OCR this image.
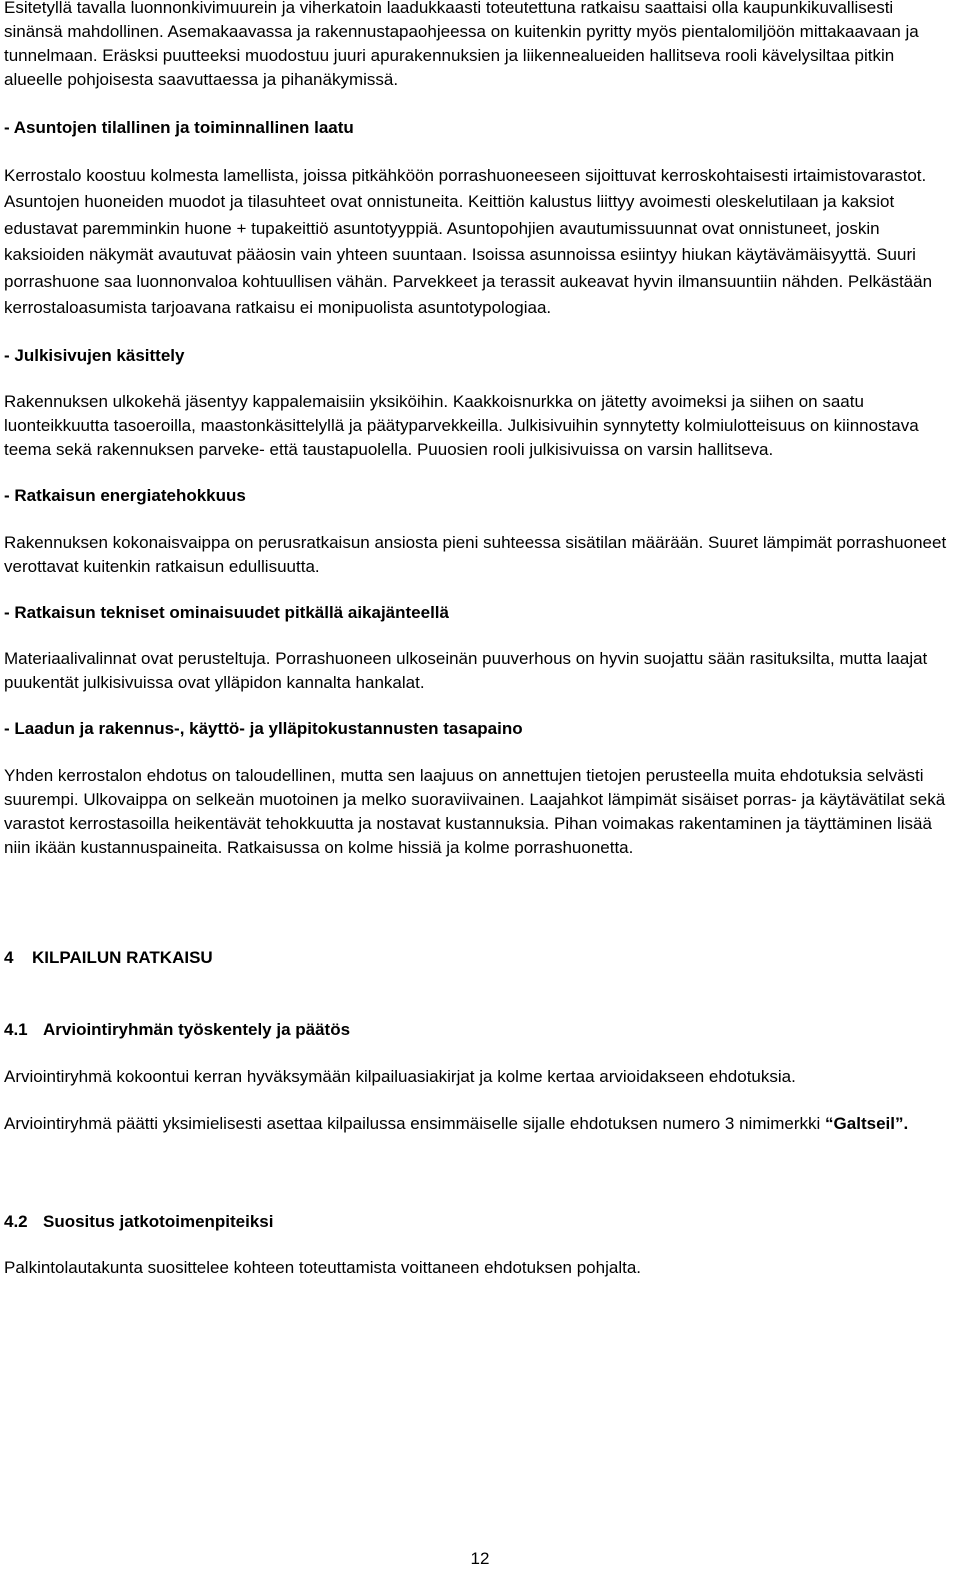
Esitetyllä tavalla luonnonkivimuurein ja viherkatoin laadukkaasti toteutettuna ratkaisu saattaisi olla kaupunkikuvallisesti sinänsä mahdollinen. Asemakaavassa ja rakennustapaohjeessa on kuitenkin pyritty myös pientalomiljöön mittakaavaan ja tunnelmaan. Eräsksi puutteeksi muodostuu juuri apurakennuksien ja liikennealueiden hallitseva rooli kävelysiltaa pitkin alueelle pohjoisesta saavuttaessa ja pihanäkymissä.

- Asuntojen tilallinen ja toiminnallinen laatu

Kerrostalo koostuu kolmesta lamellista, joissa pitkähköön porrashuoneeseen sijoittuvat kerroskohtaisesti irtaimistovarastot. Asuntojen huoneiden muodot ja tilasuhteet ovat onnistuneita. Keittiön kalustus liittyy avoimesti oleskelutilaan ja kaksiot edustavat paremminkin huone + tupakeittiö asuntotyyppiä. Asuntopohjien avautumissuunnat ovat onnistuneet, joskin kaksioiden näkymät avautuvat pääosin vain yhteen suuntaan. Isoissa asunnoissa esiintyy hiukan käytävämäisyyttä. Suuri porrashuone saa luonnonvaloa kohtuullisen vähän. Parvekkeet ja terassit aukeavat hyvin ilmansuuntiin nähden. Pelkästään kerrostaloasumista tarjoavana ratkaisu ei monipuolista asuntotypologiaa.

- Julkisivujen käsittely

Rakennuksen ulkokehä jäsentyy kappalemaisiin yksiköihin. Kaakkoisnurkka on jätetty avoimeksi ja siihen on saatu luonteikkuutta tasoeroilla, maastonkäsittelyllä ja päätyparvekkeilla. Julkisivuihin synnytetty kolmiulotteisuus on kiinnostava teema sekä rakennuksen parveke- että taustapuolella. Puuosien rooli julkisivuissa on varsin hallitseva.

- Ratkaisun energiatehokkuus

Rakennuksen kokonaisvaippa on perusratkaisun ansiosta pieni suhteessa sisätilan määrään. Suuret lämpimät porrashuoneet verottavat kuitenkin ratkaisun edullisuutta.

- Ratkaisun tekniset ominaisuudet pitkällä aikajänteellä

Materiaalivalinnat ovat perusteltuja. Porrashuoneen ulkoseinän puuverhous on hyvin suojattu sään rasituksilta, mutta laajat puukentät julkisivuissa ovat ylläpidon kannalta hankalat.

- Laadun ja rakennus-, käyttö- ja ylläpitokustannusten tasapaino

Yhden kerrostalon ehdotus on taloudellinen, mutta sen laajuus on annettujen tietojen perusteella muita ehdotuksia selvästi suurempi. Ulkovaippa on selkeän muotoinen ja melko suoraviivainen. Laajahkot lämpimät sisäiset porras- ja käytävätilat sekä varastot kerrostasoilla heikentävät tehokkuutta ja nostavat kustannuksia. Pihan voimakas rakentaminen ja täyttäminen lisää niin ikään kustannuspaineita. Ratkaisussa on kolme hissiä ja kolme porrashuonetta.

4 KILPAILUN RATKAISU

4.1 Arviointiryhmän työskentely ja päätös

Arviointiryhmä kokoontui kerran hyväksymään kilpailuasiakirjat ja kolme kertaa arvioidakseen ehdotuksia.

Arviointiryhmä päätti yksimielisesti asettaa kilpailussa ensimmäiselle sijalle ehdotuksen numero 3 nimimerkki “Galtseil”.

4.2 Suositus jatkotoimenpiteiksi

Palkintolautakunta suosittelee kohteen toteuttamista voittaneen ehdotuksen pohjalta.

12
